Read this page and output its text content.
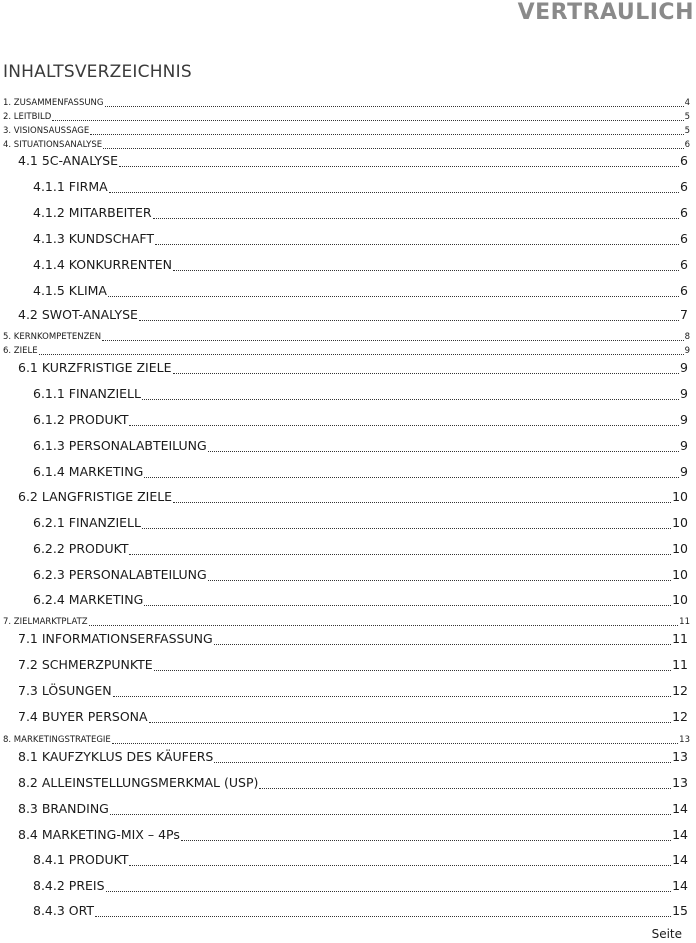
VERTRAULICH
INHALTSVERZEICHNIS
1. ZUSAMMENFASSUNG	4
2. LEITBILD	5
3. VISIONSAUSSAGE	5
4. SITUATIONSANALYSE	6
4.1 5C-ANALYSE	6
4.1.1 FIRMA	6
4.1.2 MITARBEITER	6
4.1.3 KUNDSCHAFT	6
4.1.4 KONKURRENTEN	6
4.1.5 KLIMA	6
4.2 SWOT-ANALYSE	7
5. KERNKOMPETENZEN	8
6. ZIELE	9
6.1 KURZFRISTIGE ZIELE	9
6.1.1 FINANZIELL	9
6.1.2 PRODUKT	9
6.1.3 PERSONALABTEILUNG	9
6.1.4 MARKETING	9
6.2 LANGFRISTIGE ZIELE	10
6.2.1 FINANZIELL	10
6.2.2 PRODUKT	10
6.2.3 PERSONALABTEILUNG	10
6.2.4 MARKETING	10
7. ZIELMARKTPLATZ	11
7.1 INFORMATIONSERFASSUNG	11
7.2 SCHMERZPUNKTE	11
7.3 LÖSUNGEN	12
7.4 BUYER PERSONA	12
8. MARKETINGSTRATEGIE	13
8.1 KAUFZYKLUS DES KÄUFERS	13
8.2 ALLEINSTELLUNGSMERKMAL (USP)	13
8.3 BRANDING	14
8.4 MARKETING-MIX – 4Ps	14
8.4.1 PRODUKT	14
8.4.2 PREIS	14
8.4.3 ORT	15
Seite
